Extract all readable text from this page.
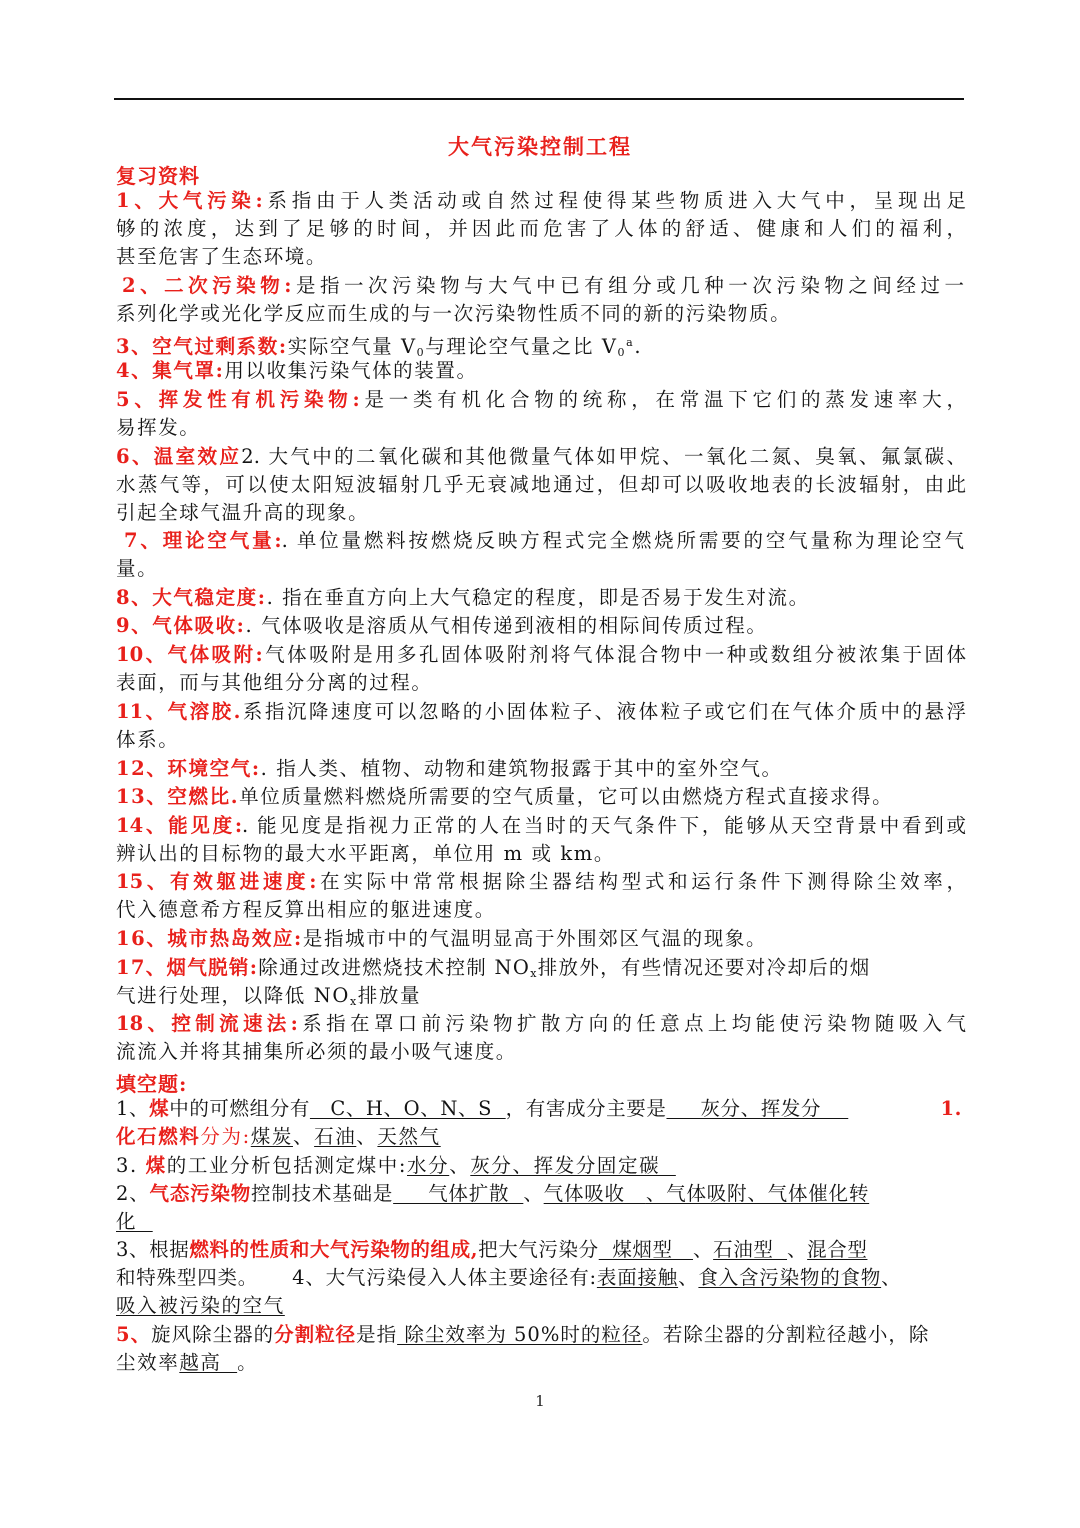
大气污染控制工程
复习资料
1、大气污染:系指由于人类活动或自然过程使得某些物质进入大气中，呈现出足
够的浓度，达到了足够的时间，并因此而危害了人体的舒适、健康和人们的福利，
甚至危害了生态环境。
2、二次污染物:是指一次污染物与大气中已有组分或几种一次污染物之间经过一
系列化学或光化学反应而生成的与一次污染物性质不同的新的污染物质。
3、空气过剩系数:实际空气量 $V_0$与理论空气量之比 $V_0^a$.
4、集气罩:用以收集污染气体的装置。
5、挥发性有机污染物:是一类有机化合物的统称，在常温下它们的蒸发速率大，
易挥发。
6、温室效应2. 大气中的二氧化碳和其他微量气体如甲烷、一氧化二氮、臭氧、氟氯碳、
水蒸气等，可以使太阳短波辐射几乎无衰减地通过，但却可以吸收地表的长波辐射，由此
引起全球气温升高的现象。
7、理论空气量:. 单位量燃料按燃烧反映方程式完全燃烧所需要的空气量称为理论空气
量。
8、大气稳定度:. 指在垂直方向上大气稳定的程度，即是否易于发生对流。
9、气体吸收:. 气体吸收是溶质从气相传递到液相的相际间传质过程。
10、气体吸附:气体吸附是用多孔固体吸附剂将气体混合物中一种或数组分被浓集于固体
表面，而与其他组分分离的过程。
11、气溶胶.系指沉降速度可以忽略的小固体粒子、液体粒子或它们在气体介质中的悬浮
体系。
12、环境空气:. 指人类、植物、动物和建筑物报露于其中的室外空气。
13、空燃比.单位质量燃料燃烧所需要的空气质量，它可以由燃烧方程式直接求得。
14、能见度:. 能见度是指视力正常的人在当时的天气条件下，能够从天空背景中看到或
辨认出的目标物的最大水平距离，单位用 m 或 km。
15、有效躯进速度:在实际中常常根据除尘器结构型式和运行条件下测得除尘效率，
代入德意希方程反算出相应的躯进速度。
16、城市热岛效应:是指城市中的气温明显高于外围郊区气温的现象。
17、烟气脱销:除通过改进燃烧技术控制 $NO_x$排放外，有些情况还要对冷却后的烟
气进行处理，以降低 $NO_x$排放量
18、控制流速法:系指在罩口前污染物扩散方向的任意点上均能使污染物随吸入气
流流入并将其捕集所必须的最小吸气速度。
填空题:
1、煤中的可燃组分有   C、H、O、N、S  ，有害成分主要是     灰分、挥发分	1.
化石燃料分为:煤炭、石油、天然气
3. 煤的工业分析包括测定煤中:水分、灰分、挥发分固定碳
2、气态污染物控制技术基础是     气体扩散  、气体吸收   、气体吸附、气体催化转
化
3、根据燃料的性质和大气污染物的组成,把大气污染分  煤烟型   、石油型  、混合型
和特殊型四类。 4、大气污染侵入人体主要途径有:表面接触、食入含污染物的食物、
吸入被污染的空气
5、旋风除尘器的分割粒径是指 除尘效率为 50%时的粒径。若除尘器的分割粒径越小，除
尘效率越高  。
1
